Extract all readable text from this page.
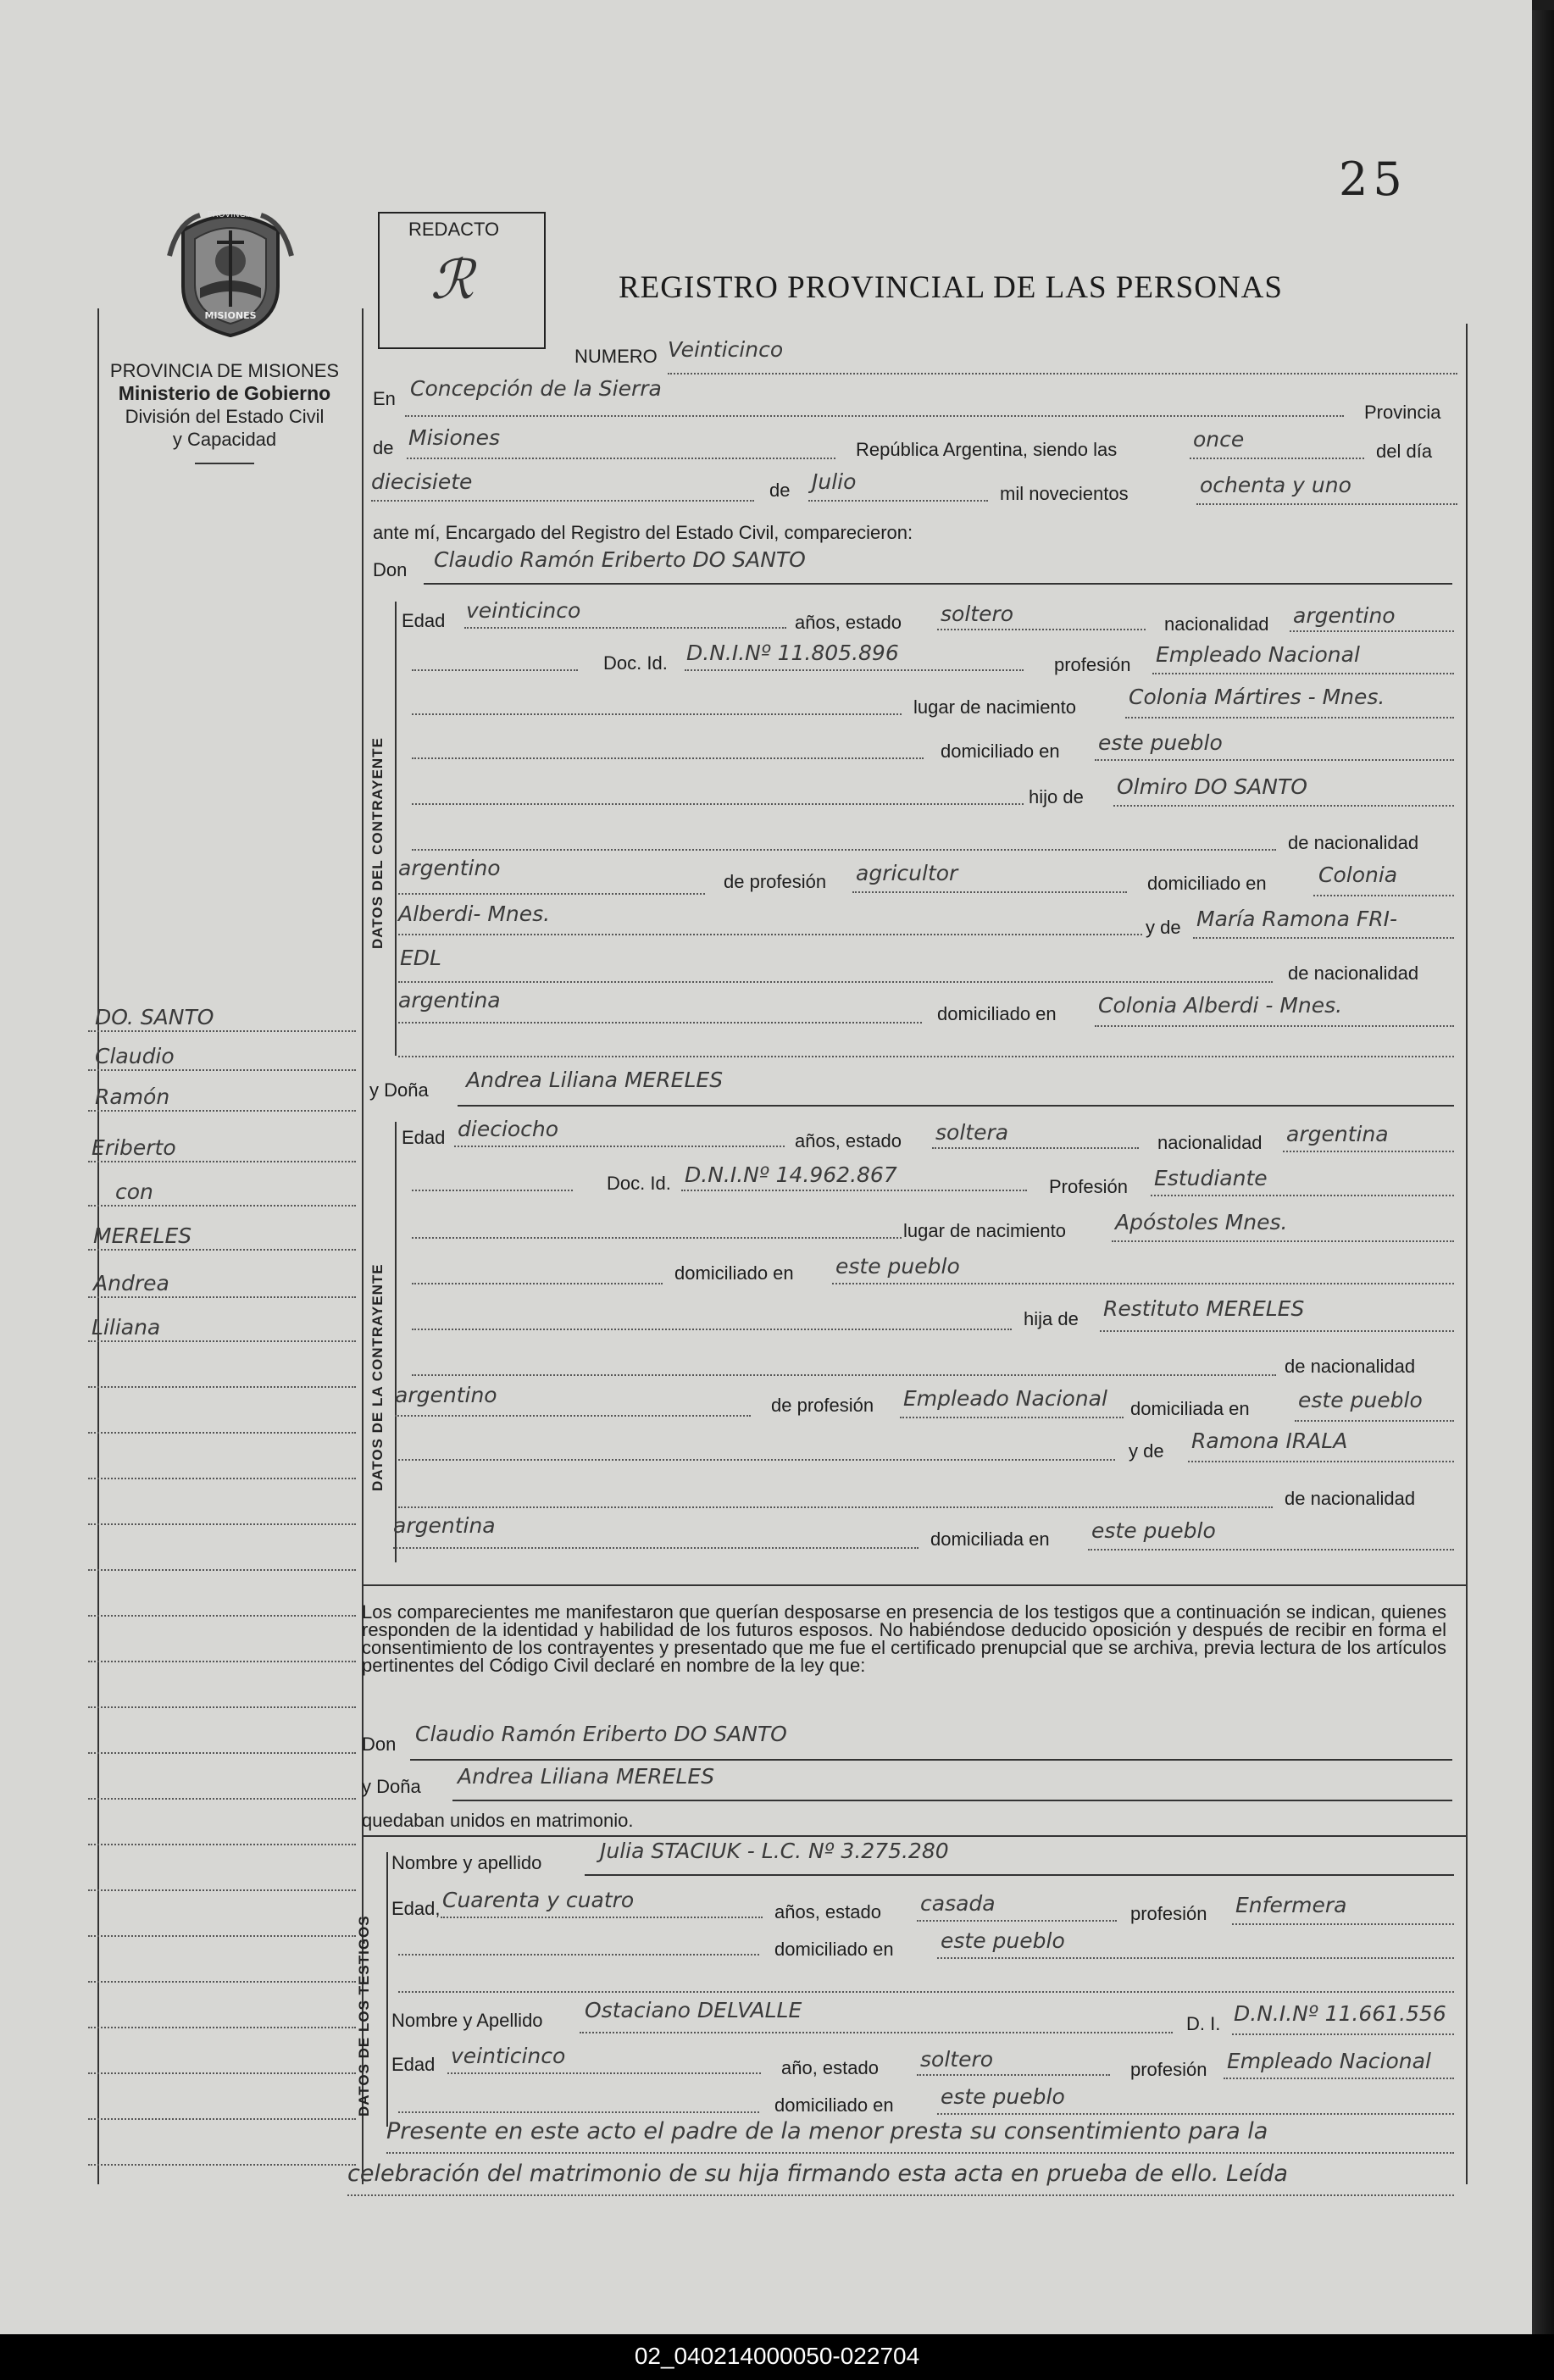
25
PROVINCIA
MISIONES
PROVINCIA DE MISIONES
Ministerio de Gobierno
División del Estado Civil
y Capacidad
REDACTO
ℛ	REGISTRO PROVINCIAL DE LAS PERSONAS
DO. SANTO
Claudio
Ramón
Eriberto
con
MERELES
Andrea
Liliana
NUMERO Veinticinco
En Concepción de la Sierra
Provincia
de Misiones	República Argentina, siendo las	once	del día
diecisiete	de Julio	mil novecientos	ochenta y uno
ante mí, Encargado del Registro del Estado Civil, comparecieron:
Don Claudio Ramón Eriberto DO SANTO
DATOS DEL CONTRAYENTE
Edad veinticinco	años, estado soltero	nacionalidad argentino
Doc. Id. D.N.I.Nº 11.805.896	profesión Empleado Nacional
lugar de nacimiento Colonia Mártires - Mnes.
domiciliado en este pueblo
hijo de Olmiro DO SANTO
de nacionalidad
argentino
de profesión agricultor	domiciliado en Colonia
Alberdi- Mnes.
y de María Ramona FRI-
EDL
de nacionalidad
argentina
domiciliado en Colonia Alberdi - Mnes.
y Doña Andrea Liliana MERELES
DATOS DE LA CONTRAYENTE
Edad dieciocho	años, estado soltera	nacionalidad argentina
Doc. Id. D.N.I.Nº 14.962.867	Profesión Estudiante
lugar de nacimiento Apóstoles Mnes.
domiciliado en este pueblo
hija de Restituto MERELES
de nacionalidad
argentino	de profesión Empleado Nacional domiciliada en este pueblo
y de Ramona IRALA
de nacionalidad
argentina
domiciliada en este pueblo
Los comparecientes me manifestaron que querían desposarse en presencia de los testigos que a continuación se indican, quienes responden de la identidad y habilidad de los futuros esposos. No habiéndose deducido oposición y después de recibir en forma el consentimiento de los contrayentes y presentado que me fue el certificado prenupcial que se archiva, previa lectura de los artículos pertinentes del Código Civil declaré en nombre de la ley que:
Don Claudio Ramón Eriberto DO SANTO
y Doña Andrea Liliana MERELES
quedaban unidos en matrimonio.
DATOS DE LOS TESTIGOS
Nombre y apellido	Julia STACIUK - L.C. Nº 3.275.280
Edad, Cuarenta y cuatro	años, estado casada	profesión Enfermera
domiciliado en este pueblo
Nombre y Apellido Ostaciano DELVALLE
D. I. D.N.I.Nº 11.661.556
Edad veinticinco	año, estado soltero	profesión Empleado Nacional
domiciliado en este pueblo
Presente en este acto el padre de la menor presta su consentimiento para la
celebración del matrimonio de su hija firmando esta acta en prueba de ello. Leída
02_040214000050-022704
